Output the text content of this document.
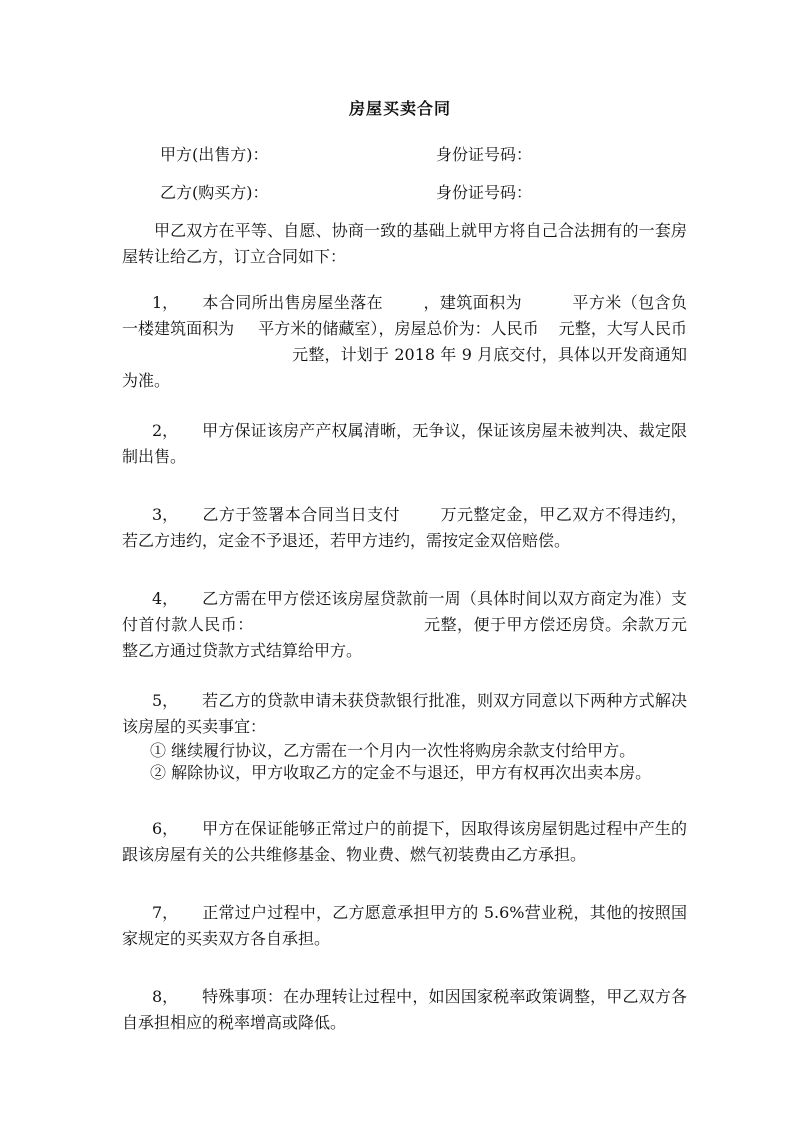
房屋买卖合同
甲方(出售方)：	身份证号码：
乙方(购买方)：	身份证号码：
甲乙双方在平等、自愿、协商一致的基础上就甲方将自己合法拥有的一套房屋转让给乙方，订立合同如下：
1， 本合同所出售房屋坐落在	，建筑面积为	平方米（包含负一楼建筑面积为 平方米的储藏室），房屋总价为：人民币 元整，大写人民币元整，计划于 2018 年 9 月底交付，具体以开发商通知为准。
2， 甲方保证该房产产权属清晰，无争议，保证该房屋未被判决、裁定限制出售。
3， 乙方于签署本合同当日支付	万元整定金，甲乙双方不得违约，若乙方违约，定金不予退还，若甲方违约，需按定金双倍赔偿。
4， 乙方需在甲方偿还该房屋贷款前一周（具体时间以双方商定为准）支付首付款人民币：	元整，便于甲方偿还房贷。余款万元整乙方通过贷款方式结算给甲方。
5， 若乙方的贷款申请未获贷款银行批准，则双方同意以下两种方式解决该房屋的买卖事宜：
① 继续履行协议，乙方需在一个月内一次性将购房余款支付给甲方。
② 解除协议，甲方收取乙方的定金不与退还，甲方有权再次出卖本房。
6， 甲方在保证能够正常过户的前提下，因取得该房屋钥匙过程中产生的跟该房屋有关的公共维修基金、物业费、燃气初装费由乙方承担。
7， 正常过户过程中，乙方愿意承担甲方的 5.6%营业税，其他的按照国家规定的买卖双方各自承担。
8， 特殊事项：在办理转让过程中，如因国家税率政策调整，甲乙双方各自承担相应的税率增高或降低。
